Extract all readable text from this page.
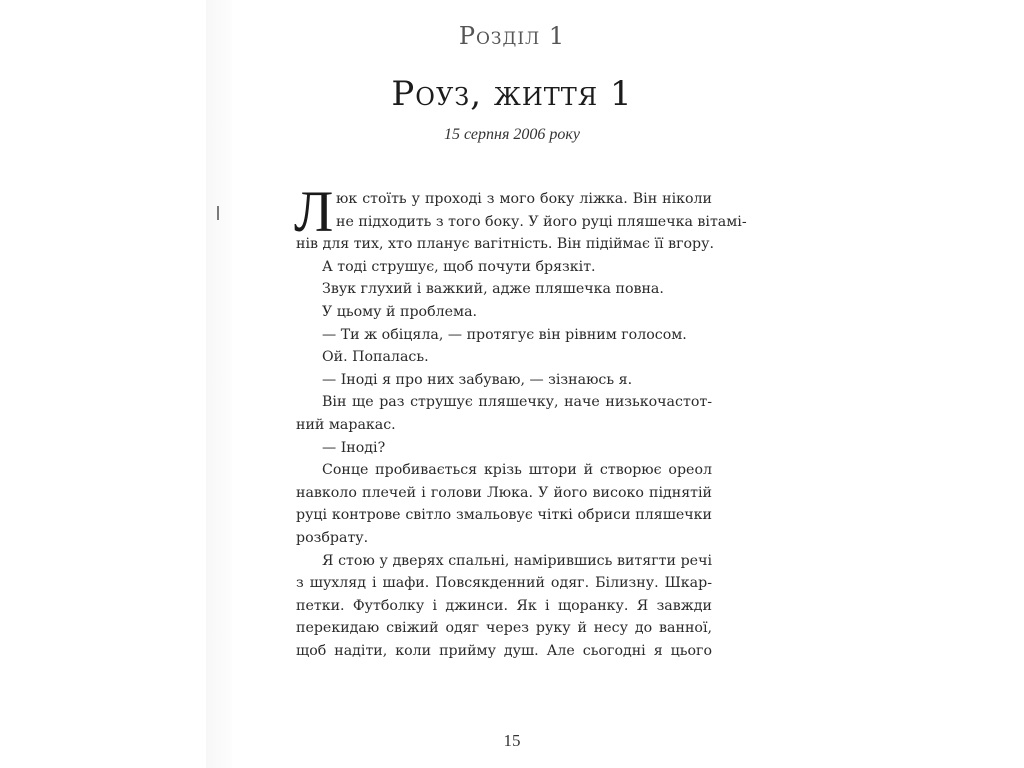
Розділ 1
Роуз, життя 1
15 серпня 2006 року
Л юк стоїть у проході з мого боку ліжка. Він ніколи
не підходить з того боку. У його руці пляшечка вітамі-
нів для тих, хто планує вагітність. Він підіймає її вгору.
А тоді струшує, щоб почути брязкіт.
Звук глухий і важкий, адже пляшечка повна.
У цьому й проблема.
— Ти ж обіцяла, — протягує він рівним голосом.
Ой. Попалась.
— Іноді я про них забуваю, — зізнаюсь я.
Він ще раз струшує пляшечку, наче низькочастот-
ний маракас.
— Іноді?
Сонце пробивається крізь штори й створює ореол
навколо плечей і голови Люка. У його високо піднятій
руці контрове світло змальовує чіткі обриси пляшечки
розбрату.
Я стою у дверях спальні, намірившись витягти речі
з шухляд і шафи. Повсякденний одяг. Білизну. Шкар-
петки. Футболку і джинси. Як і щоранку. Я завжди
перекидаю свіжий одяг через руку й несу до ванної,
щоб надіти, коли прийму душ. Але сьогодні я цього
15
